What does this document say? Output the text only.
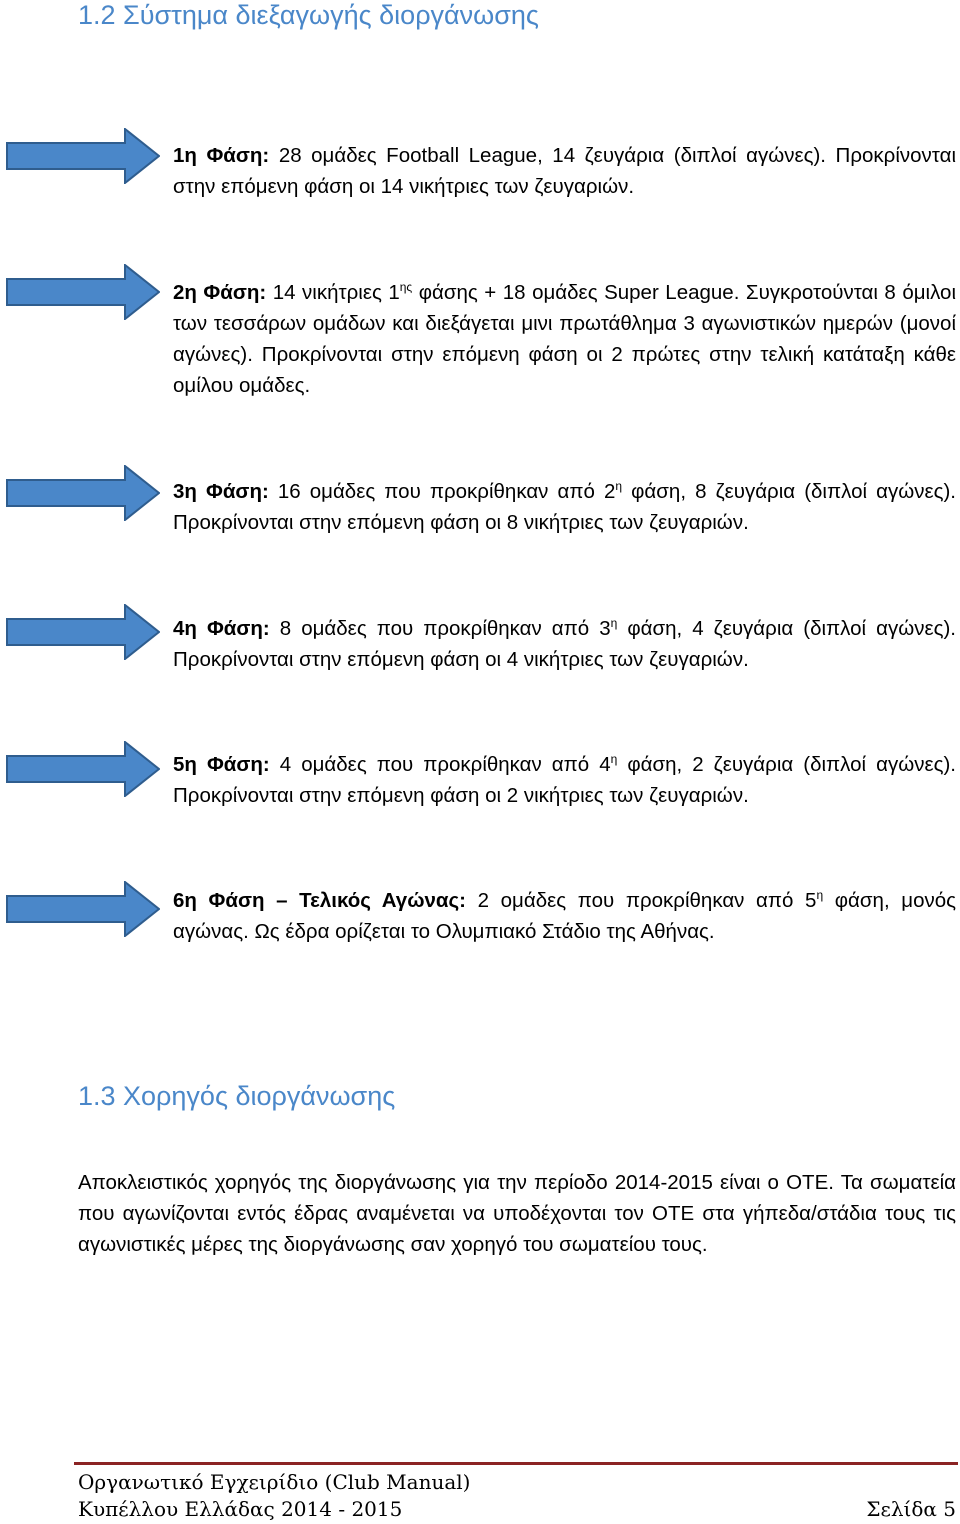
1.2 Σύστημα διεξαγωγής διοργάνωσης

1η Φάση: 28 ομάδες Football League, 14 ζευγάρια (διπλοί αγώνες). Προκρίνονται στην επόμενη φάση οι 14 νικήτριες των ζευγαριών.

2η Φάση: 14 νικήτριες $1^{\eta\varsigma}$ φάσης + 18 ομάδες Super League. Συγκροτούνται 8 όμιλοι των τεσσάρων ομάδων και διεξάγεται μινι πρωτάθλημα 3 αγωνιστικών ημερών (μονοί αγώνες). Προκρίνονται στην επόμενη φάση οι 2 πρώτες στην τελική κατάταξη κάθε ομίλου ομάδες.

3η Φάση: 16 ομάδες που προκρίθηκαν από $2^\eta$ φάση, 8 ζευγάρια (διπλοί αγώνες). Προκρίνονται στην επόμενη φάση οι 8 νικήτριες των ζευγαριών.

4η Φάση: 8 ομάδες που προκρίθηκαν από $3^\eta$ φάση, 4 ζευγάρια (διπλοί αγώνες). Προκρίνονται στην επόμενη φάση οι 4 νικήτριες των ζευγαριών.

5η Φάση: 4 ομάδες που προκρίθηκαν από $4^\eta$ φάση, 2 ζευγάρια (διπλοί αγώνες). Προκρίνονται στην επόμενη φάση οι 2 νικήτριες των ζευγαριών.

6η Φάση – Τελικός Αγώνας: 2 ομάδες που προκρίθηκαν από $5^\eta$ φάση, μονός αγώνας. Ως έδρα ορίζεται το Ολυμπιακό Στάδιο της Αθήνας.

1.3 Χορηγός διοργάνωσης

Αποκλειστικός χορηγός της διοργάνωσης για την περίοδο 2014-2015 είναι ο ΟΤΕ. Τα σωματεία που αγωνίζονται εντός έδρας αναμένεται να υποδέχονται τον ΟΤΕ στα γήπεδα/στάδια τους τις αγωνιστικές μέρες της διοργάνωσης σαν χορηγό του σωματείου τους.

Οργανωτικό Εγχειρίδιο (Club Manual)
Κυπέλλου Ελλάδας 2014 - 2015	Σελίδα 5
